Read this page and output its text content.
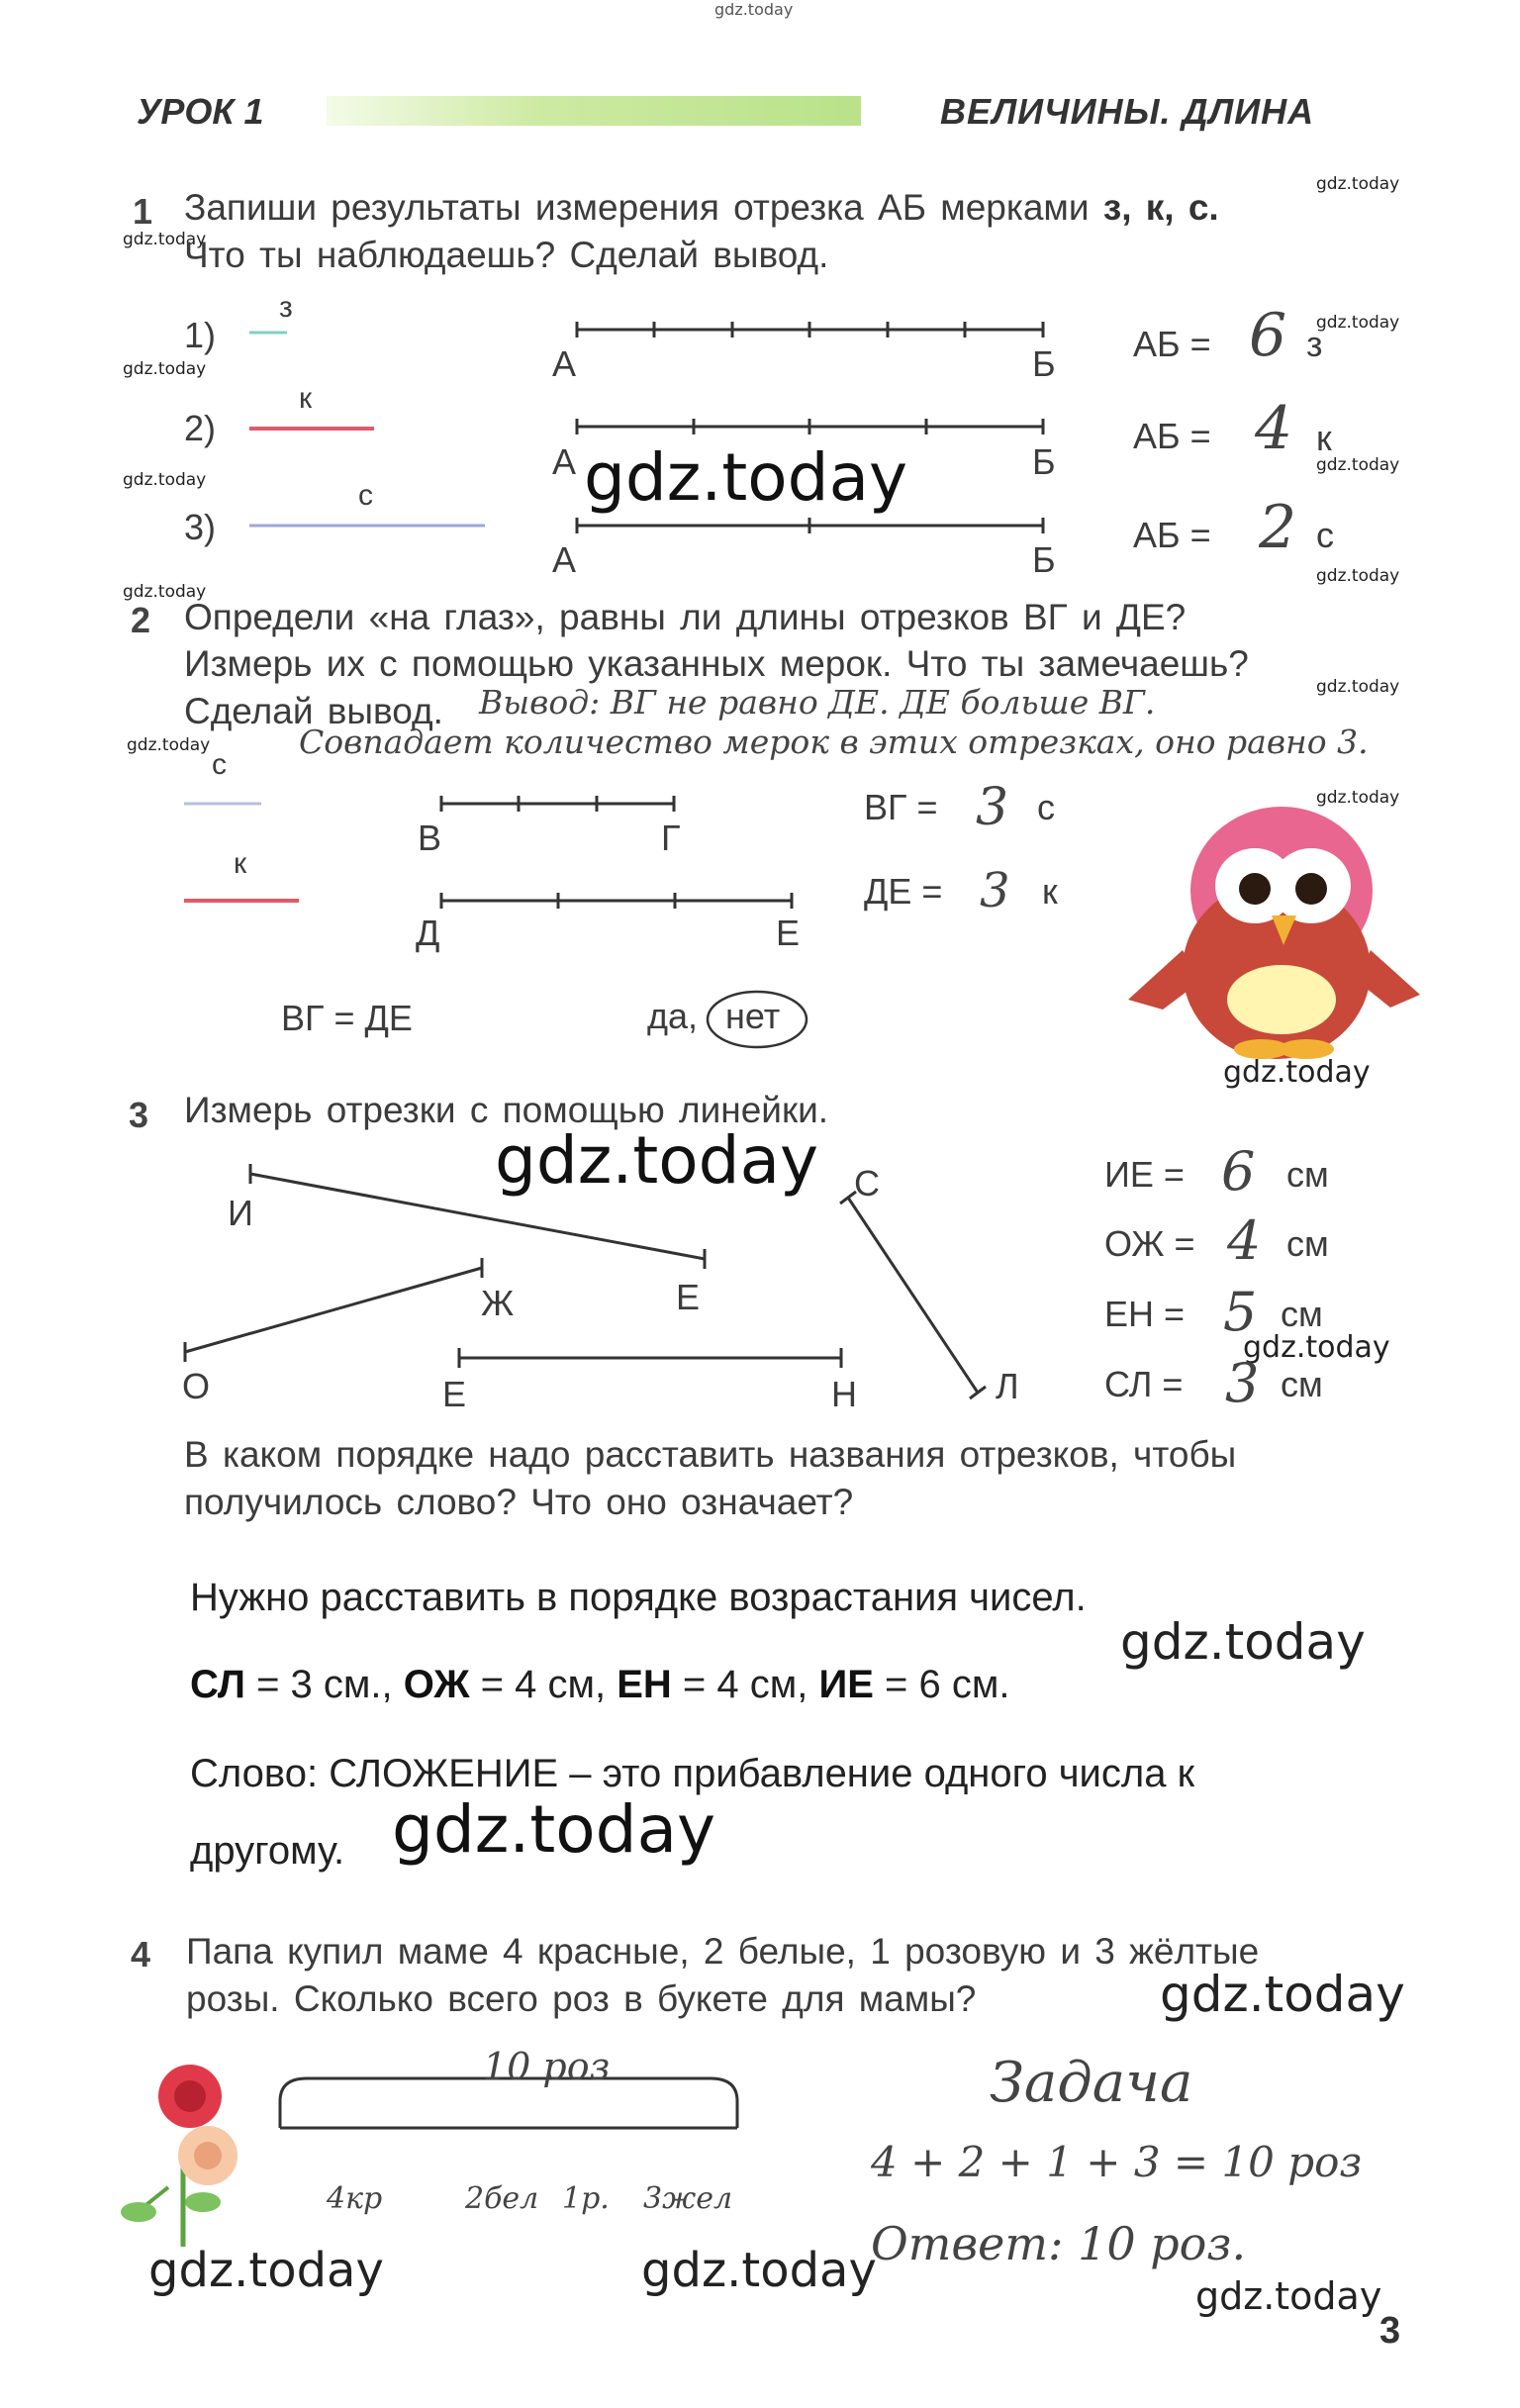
gdz.today
gdz.today
gdz.today
gdz.today
gdz.today
gdz.today
gdz.today
gdz.today
gdz.today
gdz.today
gdz.today
gdz.today
УРОК 1	ВЕЛИЧИНЫ. ДЛИНА
1 Запиши результаты измерения отрезка АБ мерками з, к, с.
Что ты наблюдаешь? Сделай вывод.
1)
з
А	Б АБ = 6 з
2)
к
А	Б
АБ = 4 к
3)
с
А	Б
АБ = 2 с
gdz.today
2 Определи «на глаз», равны ли длины отрезков ВГ и ДЕ?
Измерь их с помощью указанных мерок. Что ты замечаешь?
Сделай вывод. Вывод: ВГ не равно ДЕ. ДЕ больше ВГ.
Совпадает количество мерок в этих отрезках, оно равно 3.
с
к
В	Г
Д	Е
ВГ = 3 с
ДЕ = 3 к
ВГ = ДЕ	да, нет
gdz.today
3 Измерь отрезки с помощью линейки.
gdz.today
И
Е
О
Ж
Е	Н
С
Л
ИЕ = 6 см
ОЖ = 4 см
ЕН = 5 см
gdz.today
СЛ = 3 см
В каком порядке надо расставить названия отрезков, чтобы
получилось слово? Что оно означает?
Нужно расставить в порядке возрастания чисел.
gdz.today
СЛ = 3 см., ОЖ = 4 см, ЕН = 4 см, ИЕ = 6 см.
Слово: СЛОЖЕНИЕ – это прибавление одного числа к
другому. gdz.today
4 Папа купил маме 4 красные, 2 белые, 1 розовую и 3 жёлтые
розы. Сколько всего роз в букете для мамы?	gdz.today
10 роз
4кр	2бел 1р. 3жел
Задача
4 + 2 + 1 + 3 = 10 роз
Ответ: 10 роз.
gdz.today	gdz.today	gdz.today
3
